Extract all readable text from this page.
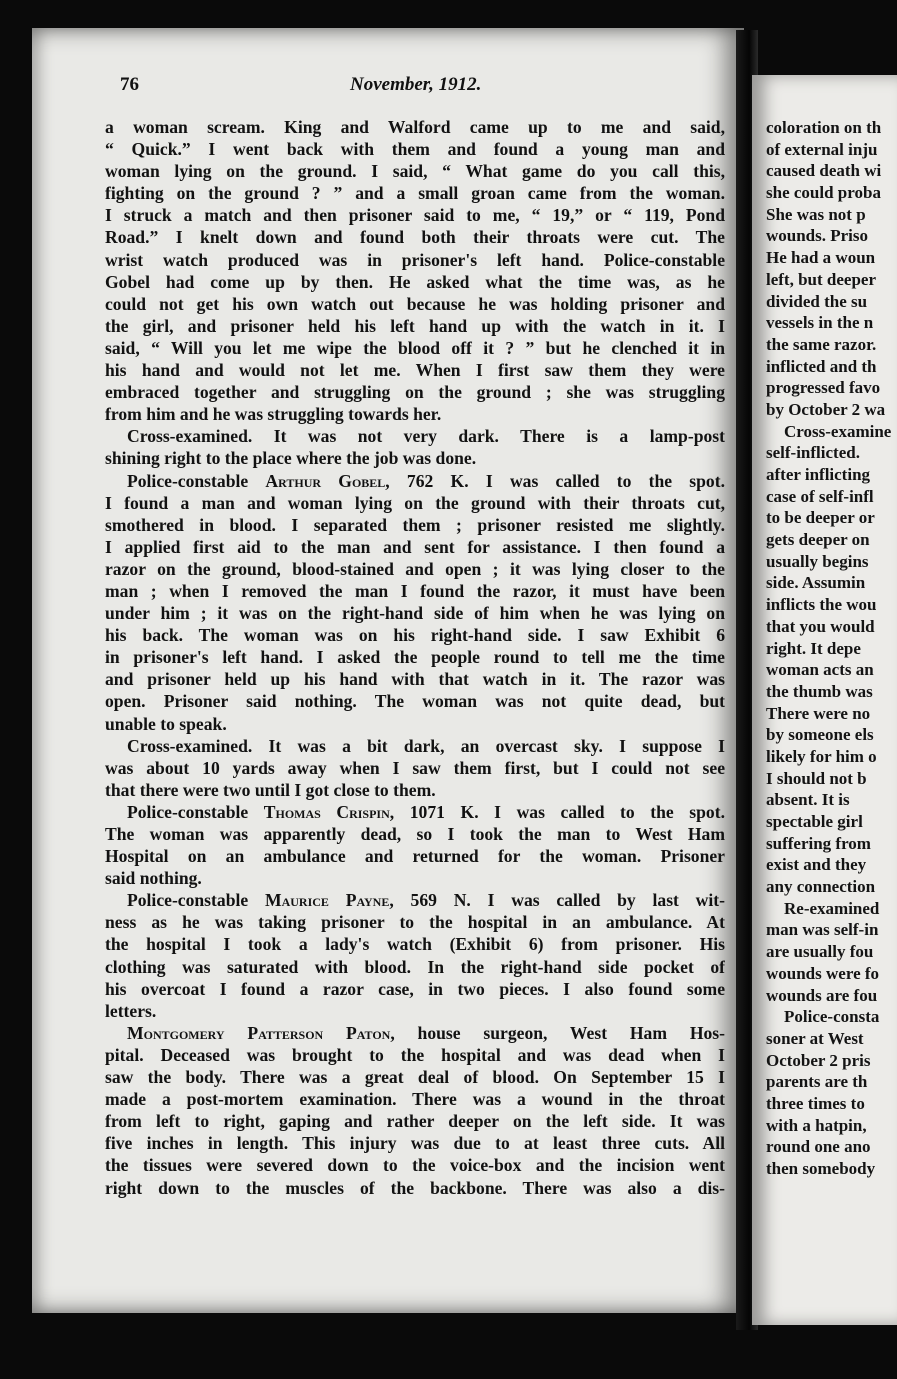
coloration on th
of external inju
caused death wi
she could proba
She was not p
wounds. Priso
He had a woun
left, but deeper
divided the su
vessels in the n
the same razor.
inflicted and th
progressed favo
by October 2 wa
Cross-examine
self-inflicted.
after inflicting
case of self-infl
to be deeper or
gets deeper on
usually begins
side. Assumin
inflicts the wou
that you would
right. It depe
woman acts an
the thumb was
There were no
by someone els
likely for him o
I should not b
absent. It is
spectable girl
suffering from
exist and they
any connection
Re-examined
man was self-in
are usually fou
wounds were fo
wounds are fou
Police-consta
soner at West
October 2 pris
parents are th
three times to
with a hatpin,
round one ano
then somebody
76	November, 1912.
a woman scream. King and Walford came up to me and said,
“ Quick.” I went back with them and found a young man and
woman lying on the ground. I said, “ What game do you call this,
fighting on the ground ? ” and a small groan came from the woman.
I struck a match and then prisoner said to me, “ 19,” or “ 119, Pond
Road.” I knelt down and found both their throats were cut. The
wrist watch produced was in prisoner's left hand. Police-constable
Gobel had come up by then. He asked what the time was, as he
could not get his own watch out because he was holding prisoner and
the girl, and prisoner held his left hand up with the watch in it. I
said, “ Will you let me wipe the blood off it ? ” but he clenched it in
his hand and would not let me. When I first saw them they were
embraced together and struggling on the ground ; she was struggling
from him and he was struggling towards her.
Cross-examined. It was not very dark. There is a lamp-post
shining right to the place where the job was done.
Police-constable Arthur Gobel, 762 K. I was called to the spot.
I found a man and woman lying on the ground with their throats cut,
smothered in blood. I separated them ; prisoner resisted me slightly.
I applied first aid to the man and sent for assistance. I then found a
razor on the ground, blood-stained and open ; it was lying closer to the
man ; when I removed the man I found the razor, it must have been
under him ; it was on the right-hand side of him when he was lying on
his back. The woman was on his right-hand side. I saw Exhibit 6
in prisoner's left hand. I asked the people round to tell me the time
and prisoner held up his hand with that watch in it. The razor was
open. Prisoner said nothing. The woman was not quite dead, but
unable to speak.
Cross-examined. It was a bit dark, an overcast sky. I suppose I
was about 10 yards away when I saw them first, but I could not see
that there were two until I got close to them.
Police-constable Thomas Crispin, 1071 K. I was called to the spot.
The woman was apparently dead, so I took the man to West Ham
Hospital on an ambulance and returned for the woman. Prisoner
said nothing.
Police-constable Maurice Payne, 569 N. I was called by last wit-
ness as he was taking prisoner to the hospital in an ambulance. At
the hospital I took a lady's watch (Exhibit 6) from prisoner. His
clothing was saturated with blood. In the right-hand side pocket of
his overcoat I found a razor case, in two pieces. I also found some
letters.
Montgomery Patterson Paton, house surgeon, West Ham Hos-
pital. Deceased was brought to the hospital and was dead when I
saw the body. There was a great deal of blood. On September 15 I
made a post-mortem examination. There was a wound in the throat
from left to right, gaping and rather deeper on the left side. It was
five inches in length. This injury was due to at least three cuts. All
the tissues were severed down to the voice-box and the incision went
right down to the muscles of the backbone. There was also a dis-
